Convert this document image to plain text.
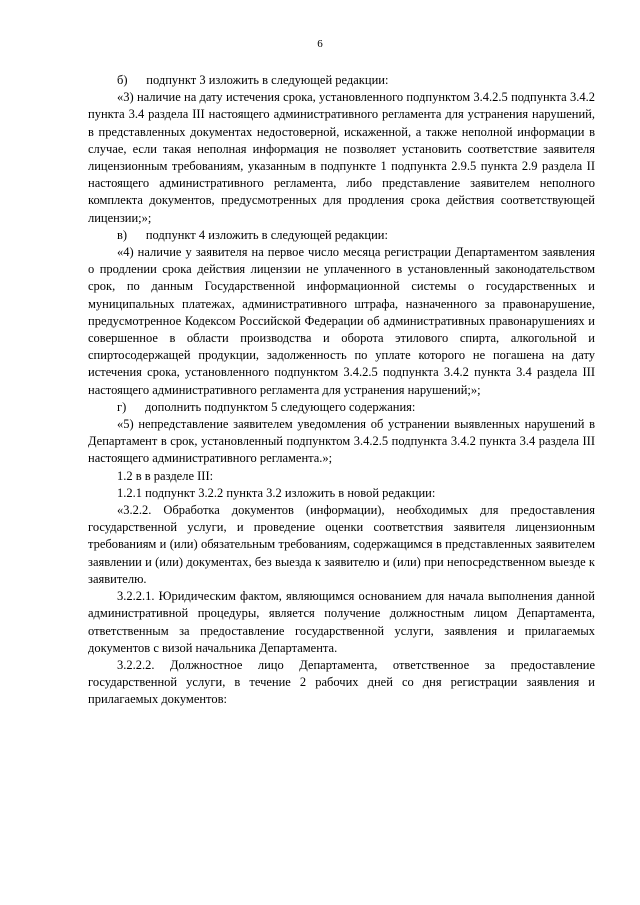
6

б)      подпункт 3 изложить в следующей редакции:

«3) наличие на дату истечения срока, установленного подпунктом 3.4.2.5 подпункта 3.4.2 пункта 3.4 раздела III настоящего административного регламента для устранения нарушений, в представленных документах недостоверной, искаженной, а также неполной информации в случае, если такая неполная информация не позволяет установить соответствие заявителя лицензионным требованиям, указанным в подпункте 1 подпункта 2.9.5 пункта 2.9 раздела II настоящего административного регламента, либо представление заявителем неполного комплекта документов, предусмотренных для продления срока действия соответствующей лицензии;»;

в)      подпункт 4 изложить в следующей редакции:

«4) наличие у заявителя на первое число месяца регистрации Департаментом заявления о продлении срока действия лицензии не уплаченного в установленный законодательством срок, по данным Государственной информационной системы о государственных и муниципальных платежах, административного штрафа, назначенного за правонарушение, предусмотренное Кодексом Российской Федерации об административных правонарушениях и совершенное в области производства и оборота этилового спирта, алкогольной и спиртосодержащей продукции, задолженность по уплате которого не погашена на дату истечения срока, установленного подпунктом 3.4.2.5 подпункта 3.4.2 пункта 3.4 раздела III настоящего административного регламента для устранения нарушений;»;

г)      дополнить подпунктом 5 следующего содержания:

«5) непредставление заявителем уведомления об устранении выявленных нарушений в Департамент в срок, установленный подпунктом 3.4.2.5 подпункта 3.4.2 пункта 3.4 раздела III настоящего административного регламента.»;

1.2 в в разделе III:

1.2.1 подпункт 3.2.2 пункта 3.2 изложить в новой редакции:

«3.2.2. Обработка документов (информации), необходимых для предоставления государственной услуги, и проведение оценки соответствия заявителя лицензионным требованиям и (или) обязательным требованиям, содержащимся в представленных заявителем заявлении и (или) документах, без выезда к заявителю и (или) при непосредственном выезде к заявителю.

3.2.2.1. Юридическим фактом, являющимся основанием для начала выполнения данной административной процедуры, является получение должностным лицом Департамента, ответственным за предоставление государственной услуги, заявления и прилагаемых документов с визой начальника Департамента.

3.2.2.2. Должностное лицо Департамента, ответственное за предоставление государственной услуги, в течение 2 рабочих дней со дня регистрации заявления и прилагаемых документов:
